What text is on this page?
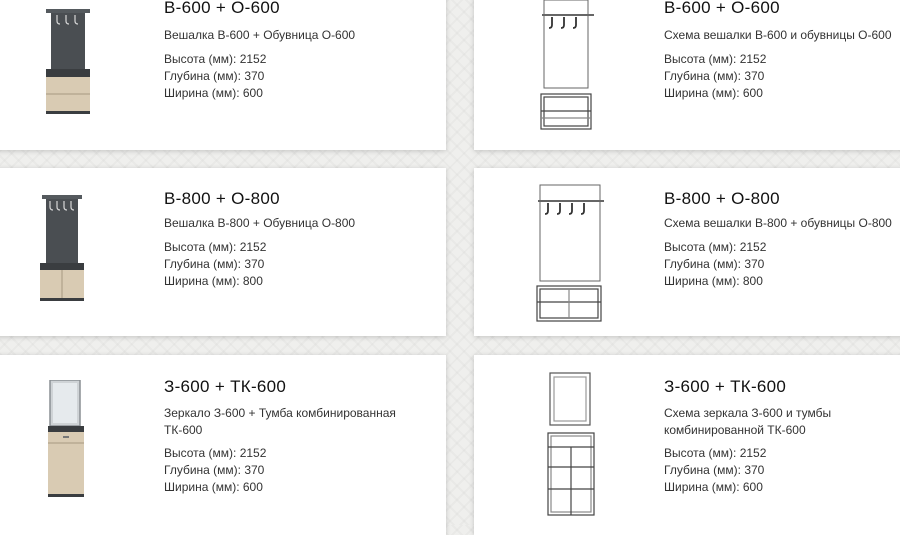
В-600 + О-600
Вешалка В-600 + Обувница О-600
Высота (мм): 2152
Глубина (мм): 370
Ширина (мм): 600
В-600 + О-600
Схема вешалки В-600 и обувницы О-600
Высота (мм): 2152
Глубина (мм): 370
Ширина (мм): 600
В-800 + О-800
Вешалка В-800 + Обувница О-800
Высота (мм): 2152
Глубина (мм): 370
Ширина (мм): 800
В-800 + О-800
Схема вешалки В-800 + обувницы О-800
Высота (мм): 2152
Глубина (мм): 370
Ширина (мм): 800
З-600 + ТК-600
Зеркало З-600 + Тумба комбинированная ТК-600
Высота (мм): 2152
Глубина (мм): 370
Ширина (мм): 600
З-600 + ТК-600
Схема зеркала З-600 и тумбы комбинированной ТК-600
Высота (мм): 2152
Глубина (мм): 370
Ширина (мм): 600
